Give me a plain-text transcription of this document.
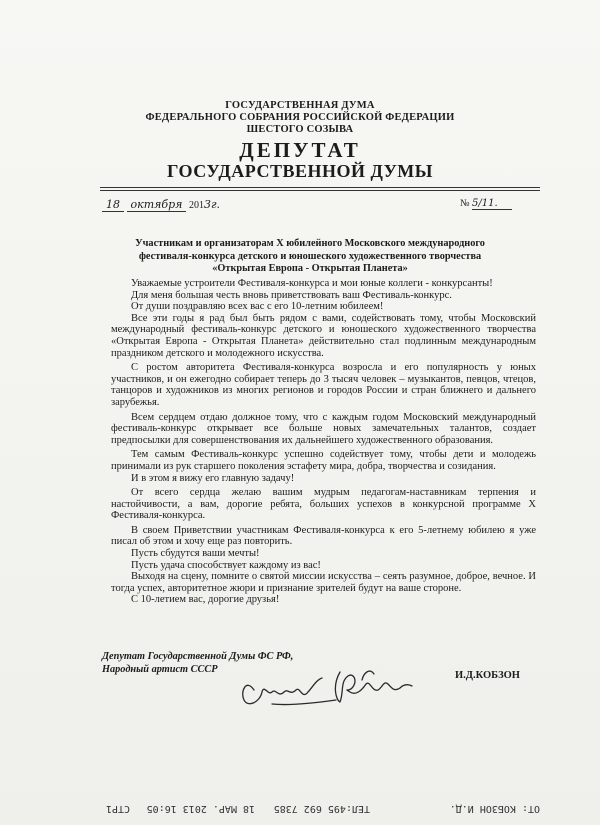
ГОСУДАРСТВЕННАЯ ДУМА
ФЕДЕРАЛЬНОГО СОБРАНИЯ РОССИЙСКОЙ ФЕДЕРАЦИИ
ШЕСТОГО СОЗЫВА
ДЕПУТАТ
ГОСУДАРСТВЕННОЙ ДУМЫ
18 октября 2013г.	№ 5/11.
Участникам и организаторам Х юбилейного Московского международного
фестиваля-конкурса детского и юношеского художественного творчества
«Открытая Европа - Открытая Планета»

Уважаемые устроители Фестиваля-конкурса и мои юные коллеги - конкурсанты!

Для меня большая честь вновь приветствовать ваш Фестиваль-конкурс.

От души поздравляю всех вас с его 10-летним юбилеем!

Все эти годы я рад был быть рядом с вами, содействовать тому, чтобы Московский международный фестиваль-конкурс детского и юношеского художественного творчества «Открытая Европа - Открытая Планета» действительно стал подлинным международным праздником детского и молодежного искусства.

С ростом авторитета Фестиваля-конкурса возросла и его популярность у юных участников, и он ежегодно собирает теперь до 3 тысяч человек – музыкантов, певцов, чтецов, танцоров и художников из многих регионов и городов России и стран ближнего и дальнего зарубежья.

Всем сердцем отдаю должное тому, что с каждым годом Московский международный фестиваль-конкурс открывает все больше новых замечательных талантов, создает предпосылки для совершенствования их дальнейшего художественного образования.

Тем самым Фестиваль-конкурс успешно содействует тому, чтобы дети и молодежь принимали из рук старшего поколения эстафету мира, добра, творчества и созидания.

И в этом я вижу его главную задачу!

От всего сердца желаю вашим мудрым педагогам-наставникам терпения и настойчивости, а вам, дорогие ребята, больших успехов в конкурсной программе Х Фестиваля-конкурса.

В своем Приветствии участникам Фестиваля-конкурса к его 5-летнему юбилею я уже писал об этом и хочу еще раз повторить.

Пусть сбудутся ваши мечты!

Пусть удача способствует каждому из вас!

Выходя на сцену, помните о святой миссии искусства – сеять разумное, доброе, вечное. И тогда успех, авторитетное жюри и признание зрителей будут на ваше стороне.

С 10-летием вас, дорогие друзья!

Депутат Государственной Думы ФС РФ,
Народный артист СССР
И.Д.КОБЗОН
ОТ: КОБЗОН И.Д.
ТЕЛ:495 692 7385
18 МАР. 2013 16:05
СТР1
